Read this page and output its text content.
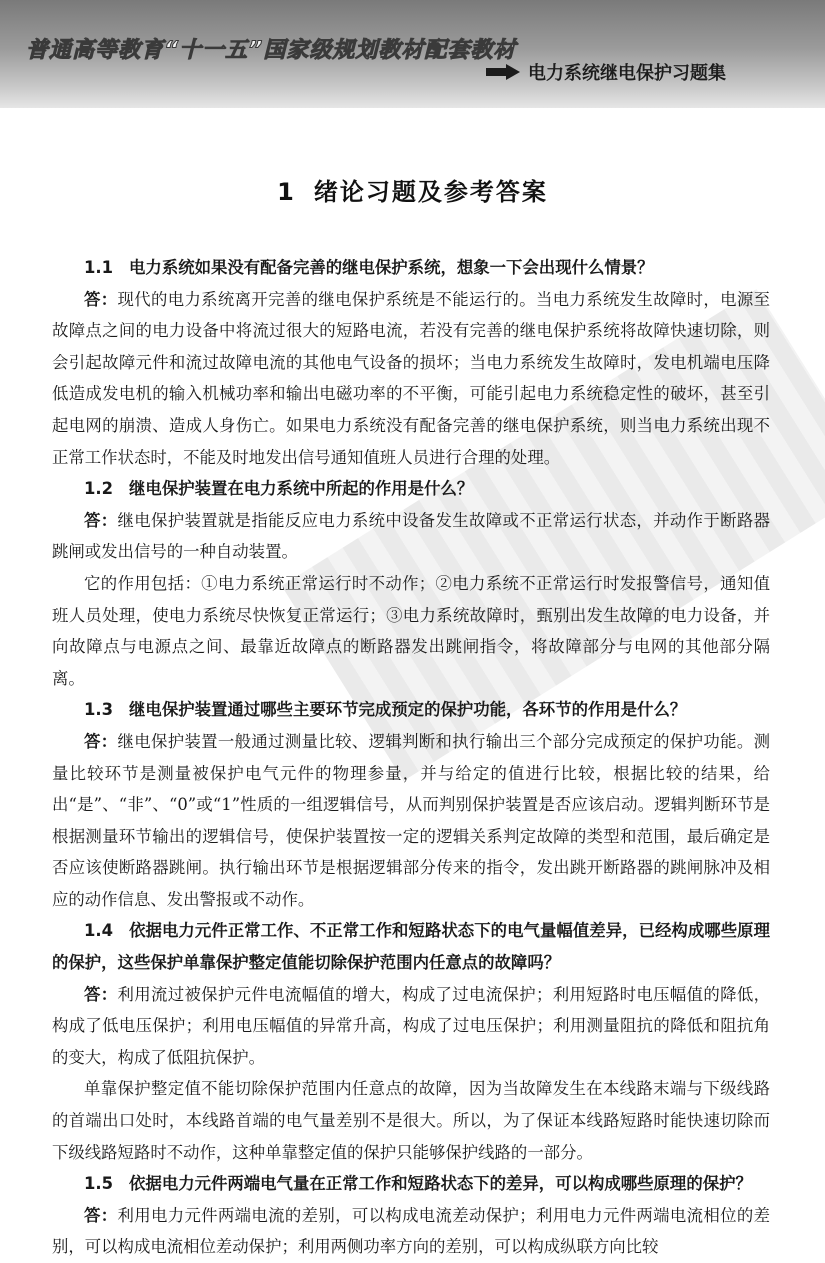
普通高等教育“十一五”国家级规划教材配套教材
电力系统继电保护习题集
1 绪论习题及参考答案

1.1 电力系统如果没有配备完善的继电保护系统，想象一下会出现什么情景？

答：现代的电力系统离开完善的继电保护系统是不能运行的。当电力系统发生故障时，电源至故障点之间的电力设备中将流过很大的短路电流，若没有完善的继电保护系统将故障快速切除，则会引起故障元件和流过故障电流的其他电气设备的损坏；当电力系统发生故障时，发电机端电压降低造成发电机的输入机械功率和输出电磁功率的不平衡，可能引起电力系统稳定性的破坏，甚至引起电网的崩溃、造成人身伤亡。如果电力系统没有配备完善的继电保护系统，则当电力系统出现不正常工作状态时，不能及时地发出信号通知值班人员进行合理的处理。

1.2 继电保护装置在电力系统中所起的作用是什么？

答：继电保护装置就是指能反应电力系统中设备发生故障或不正常运行状态，并动作于断路器跳闸或发出信号的一种自动装置。

它的作用包括：①电力系统正常运行时不动作；②电力系统不正常运行时发报警信号，通知值班人员处理，使电力系统尽快恢复正常运行；③电力系统故障时，甄别出发生故障的电力设备，并向故障点与电源点之间、最靠近故障点的断路器发出跳闸指令，将故障部分与电网的其他部分隔离。

1.3 继电保护装置通过哪些主要环节完成预定的保护功能，各环节的作用是什么？

答：继电保护装置一般通过测量比较、逻辑判断和执行输出三个部分完成预定的保护功能。测量比较环节是测量被保护电气元件的物理参量，并与给定的值进行比较，根据比较的结果，给出“是”、“非”、“0”或“1”性质的一组逻辑信号，从而判别保护装置是否应该启动。逻辑判断环节是根据测量环节输出的逻辑信号，使保护装置按一定的逻辑关系判定故障的类型和范围，最后确定是否应该使断路器跳闸。执行输出环节是根据逻辑部分传来的指令，发出跳开断路器的跳闸脉冲及相应的动作信息、发出警报或不动作。

1.4 依据电力元件正常工作、不正常工作和短路状态下的电气量幅值差异，已经构成哪些原理的保护，这些保护单靠保护整定值能切除保护范围内任意点的故障吗？

答：利用流过被保护元件电流幅值的增大，构成了过电流保护；利用短路时电压幅值的降低，构成了低电压保护；利用电压幅值的异常升高，构成了过电压保护；利用测量阻抗的降低和阻抗角的变大，构成了低阻抗保护。

单靠保护整定值不能切除保护范围内任意点的故障，因为当故障发生在本线路末端与下级线路的首端出口处时，本线路首端的电气量差别不是很大。所以，为了保证本线路短路时能快速切除而下级线路短路时不动作，这种单靠整定值的保护只能够保护线路的一部分。

1.5 依据电力元件两端电气量在正常工作和短路状态下的差异，可以构成哪些原理的保护？

答：利用电力元件两端电流的差别，可以构成电流差动保护；利用电力元件两端电流相位的差别，可以构成电流相位差动保护；利用两侧功率方向的差别，可以构成纵联方向比较
